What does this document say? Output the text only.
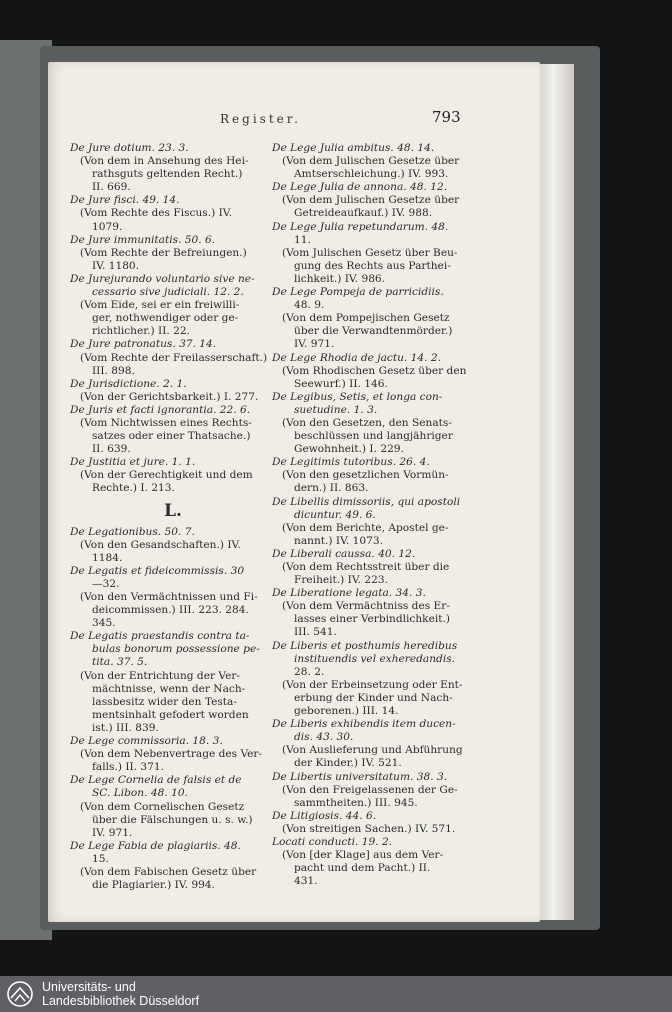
Register.	793
De Jure dotium. 23. 3.
(Von dem in Ansehung des Hei-
rathsguts geltenden Recht.)
II. 669.
De Jure fisci. 49. 14.
(Vom Rechte des Fiscus.) IV.
1079.
De Jure immunitatis. 50. 6.
(Vom Rechte der Befreiungen.)
IV. 1180.
De Jurejurando voluntario sive ne-
cessario sive judiciali. 12. 2.
(Vom Eide, sei er ein freiwilli-
ger, nothwendiger oder ge-
richtlicher.) II. 22.
De Jure patronatus. 37. 14.
(Vom Rechte der Freilasserschaft.)
III. 898.
De Jurisdictione. 2. 1.
(Von der Gerichtsbarkeit.) I. 277.
De Juris et facti ignorantia. 22. 6.
(Vom Nichtwissen eines Rechts-
satzes oder einer Thatsache.)
II. 639.
De Justitia et jure. 1. 1.
(Von der Gerechtigkeit und dem
Rechte.) I. 213.
L.
De Legationibus. 50. 7.
(Von den Gesandschaften.) IV.
1184.
De Legatis et fideicommissis. 30
—32.
(Von den Vermächtnissen und Fi-
deicommissen.) III. 223. 284.
345.
De Legatis praestandis contra ta-
bulas bonorum possessione pe-
tita. 37. 5.
(Von der Entrichtung der Ver-
mächtnisse, wenn der Nach-
lassbesitz wider den Testa-
mentsinhalt gefodert worden
ist.) III. 839.
De Lege commissoria. 18. 3.
(Von dem Nebenvertrage des Ver-
falls.) II. 371.
De Lege Cornelia de falsis et de
SC. Libon. 48. 10.
(Von dem Cornelischen Gesetz
über die Fälschungen u. s. w.)
IV. 971.
De Lege Fabia de plagiariis. 48.
15.
(Von dem Fabischen Gesetz über
die Plagiarier.) IV. 994.
De Lege Julia ambitus. 48. 14.
(Von dem Julischen Gesetze über
Amtserschleichung.) IV. 993.
De Lege Julia de annona. 48. 12.
(Von dem Julischen Gesetze über
Getreideaufkauf.) IV. 988.
De Lege Julia repetundarum. 48.
11.
(Vom Julischen Gesetz über Beu-
gung des Rechts aus Parthei-
lichkeit.) IV. 986.
De Lege Pompeja de parricidiis.
48. 9.
(Von dem Pompejischen Gesetz
über die Verwandtenmörder.)
IV. 971.
De Lege Rhodia de jactu. 14. 2.
(Vom Rhodischen Gesetz über den
Seewurf.) II. 146.
De Legibus, Setis, et longa con-
suetudine. 1. 3.
(Von den Gesetzen, den Senats-
beschlüssen und langjähriger
Gewohnheit.) I. 229.
De Legitimis tutoribus. 26. 4.
(Von den gesetzlichen Vormün-
dern.) II. 863.
De Libellis dimissoriis, qui apostoli
dicuntur. 49. 6.
(Von dem Berichte, Apostel ge-
nannt.) IV. 1073.
De Liberali caussa. 40. 12.
(Von dem Rechtsstreit über die
Freiheit.) IV. 223.
De Liberatione legata. 34. 3.
(Von dem Vermächtniss des Er-
lasses einer Verbindlichkeit.)
III. 541.
De Liberis et posthumis heredibus
instituendis vel exheredandis.
28. 2.
(Von der Erbeinsetzung oder Ent-
erbung der Kinder und Nach-
geborenen.) III. 14.
De Liberis exhibendis item ducen-
dis. 43. 30.
(Von Auslieferung und Abführung
der Kinder.) IV. 521.
De Libertis universitatum. 38. 3.
(Von den Freigelassenen der Ge-
sammtheiten.) III. 945.
De Litigiosis. 44. 6.
(Von streitigen Sachen.) IV. 571.
Locati conducti. 19. 2.
(Von [der Klage] aus dem Ver-
pacht und dem Pacht.) II.
431.
Universitäts- und
Landesbibliothek Düsseldorf
